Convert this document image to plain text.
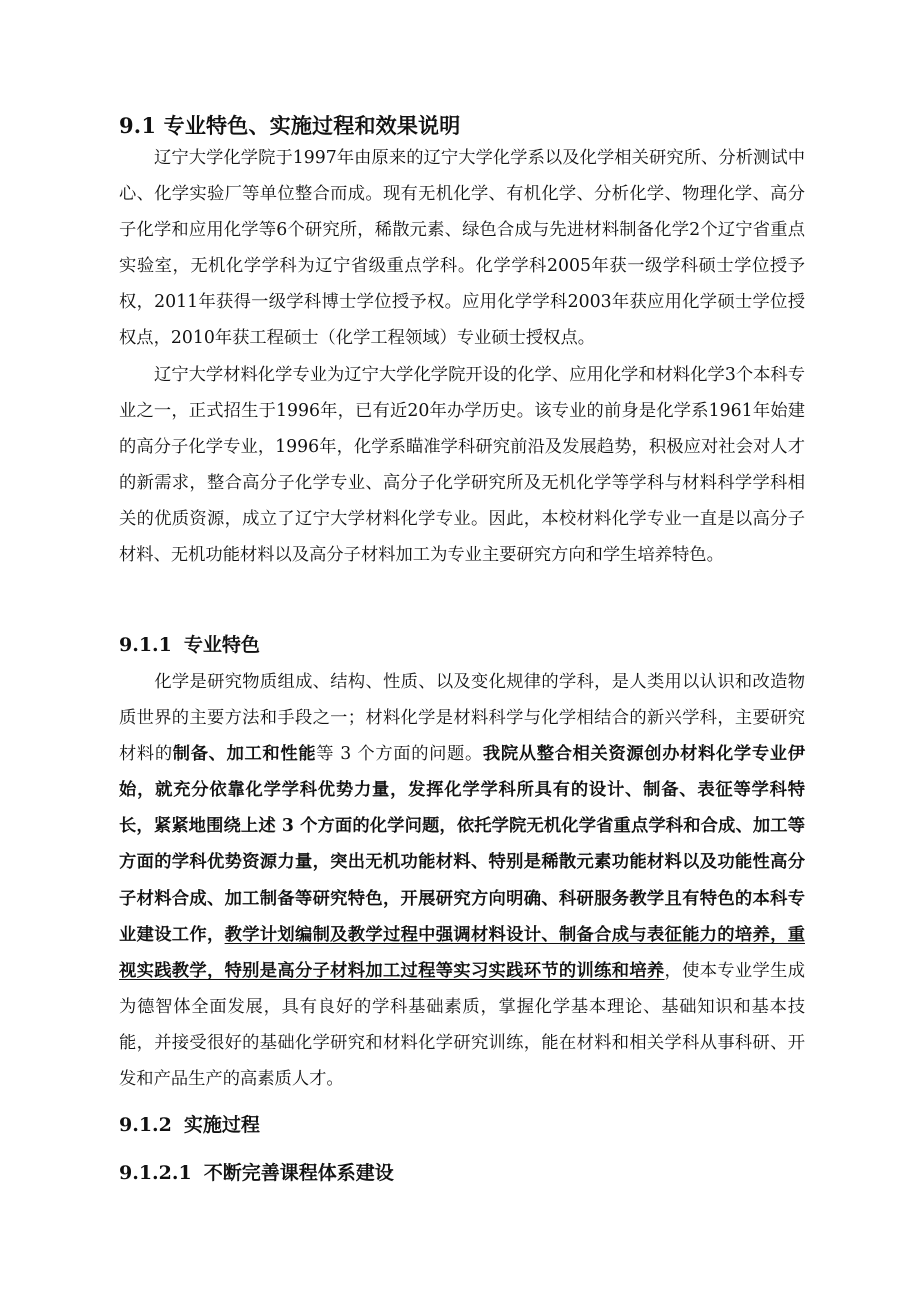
9.1 专业特色、实施过程和效果说明

辽宁大学化学院于1997年由原来的辽宁大学化学系以及化学相关研究所、分析测试中心、化学实验厂等单位整合而成。现有无机化学、有机化学、分析化学、物理化学、高分子化学和应用化学等6个研究所，稀散元素、绿色合成与先进材料制备化学2个辽宁省重点实验室，无机化学学科为辽宁省级重点学科。化学学科2005年获一级学科硕士学位授予权，2011年获得一级学科博士学位授予权。应用化学学科2003年获应用化学硕士学位授权点，2010年获工程硕士（化学工程领域）专业硕士授权点。

辽宁大学材料化学专业为辽宁大学化学院开设的化学、应用化学和材料化学3个本科专业之一，正式招生于1996年，已有近20年办学历史。该专业的前身是化学系1961年始建的高分子化学专业，1996年，化学系瞄准学科研究前沿及发展趋势，积极应对社会对人才的新需求，整合高分子化学专业、高分子化学研究所及无机化学等学科与材料科学学科相关的优质资源，成立了辽宁大学材料化学专业。因此，本校材料化学专业一直是以高分子材料、无机功能材料以及高分子材料加工为专业主要研究方向和学生培养特色。

9.1.1 专业特色

化学是研究物质组成、结构、性质、以及变化规律的学科，是人类用以认识和改造物质世界的主要方法和手段之一；材料化学是材料科学与化学相结合的新兴学科，主要研究材料的制备、加工和性能等 3 个方面的问题。我院从整合相关资源创办材料化学专业伊始，就充分依靠化学学科优势力量，发挥化学学科所具有的设计、制备、表征等学科特长，紧紧地围绕上述 3 个方面的化学问题，依托学院无机化学省重点学科和合成、加工等方面的学科优势资源力量，突出无机功能材料、特别是稀散元素功能材料以及功能性高分子材料合成、加工制备等研究特色，开展研究方向明确、科研服务教学且有特色的本科专业建设工作，教学计划编制及教学过程中强调材料设计、制备合成与表征能力的培养，重视实践教学，特别是高分子材料加工过程等实习实践环节的训练和培养，使本专业学生成为德智体全面发展，具有良好的学科基础素质，掌握化学基本理论、基础知识和基本技能，并接受很好的基础化学研究和材料化学研究训练，能在材料和相关学科从事科研、开发和产品生产的高素质人才。

9.1.2 实施过程
9.1.2.1 不断完善课程体系建设
